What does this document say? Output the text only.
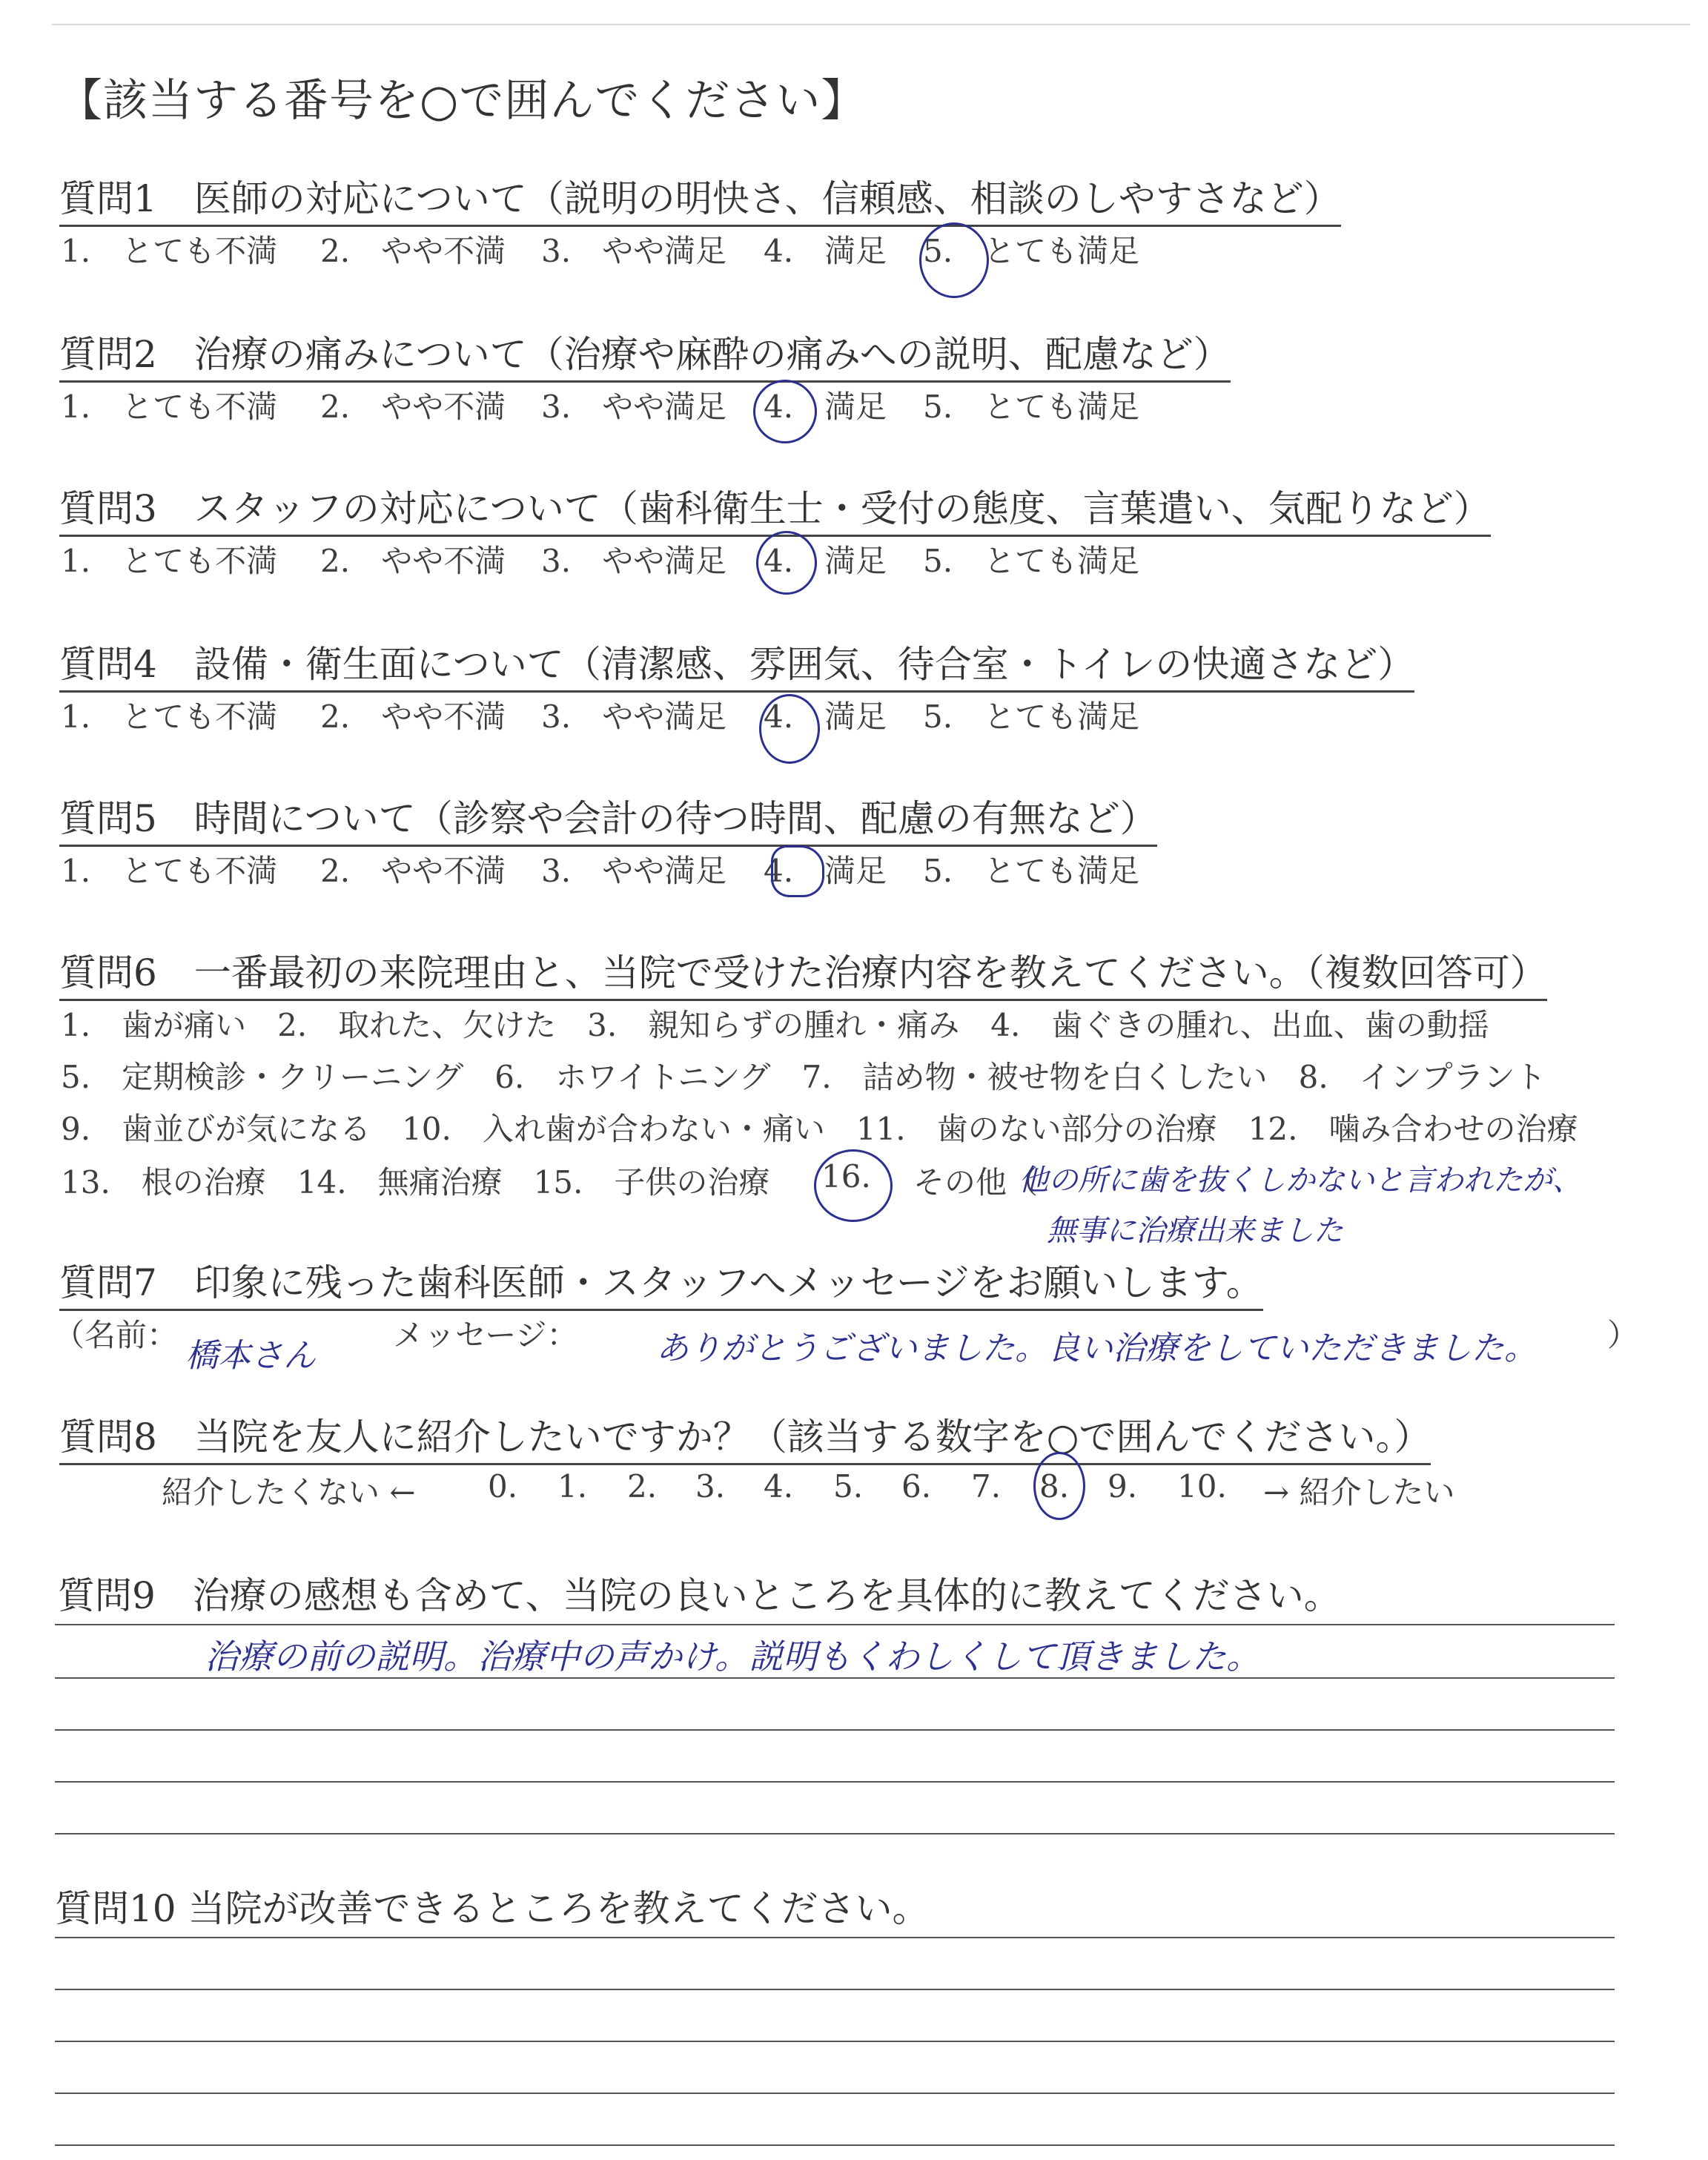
【該当する番号を○で囲んでください】
質問1　医師の対応について（説明の明快さ、信頼感、相談のしやすさなど）
1.　とても不満 2.　やや不満 3.　やや満足 4.　満足 5.　とても満足
質問2　治療の痛みについて（治療や麻酔の痛みへの説明、配慮など）
1.　とても不満 2.　やや不満 3.　やや満足 4.　満足 5.　とても満足
質問3　スタッフの対応について（歯科衛生士・受付の態度、言葉遣い、気配りなど）
1.　とても不満 2.　やや不満 3.　やや満足 4.　満足 5.　とても満足
質問4　設備・衛生面について（清潔感、雰囲気、待合室・トイレの快適さなど）
1.　とても不満 2.　やや不満 3.　やや満足 4.　満足 5.　とても満足
質問5　時間について（診察や会計の待つ時間、配慮の有無など）
1.　とても不満 2.　やや不満 3.　やや満足 4.　満足 5.　とても満足
質問6　一番最初の来院理由と、当院で受けた治療内容を教えてください。（複数回答可）
1.　歯が痛い　2.　取れた、欠けた　3.　親知らずの腫れ・痛み　4.　歯ぐきの腫れ、出血、歯の動揺
5.　定期検診・クリーニング　6.　ホワイトニング　7.　詰め物・被せ物を白くしたい　8.　インプラント
9.　歯並びが気になる　10.　入れ歯が合わない・痛い　11.　歯のない部分の治療　12.　噛み合わせの治療
13.　根の治療　14.　無痛治療　15.　子供の治療 16. その他（
他の所に歯を抜くしかないと言われたが、
無事に治療出来ました
質問7　印象に残った歯科医師・スタッフへメッセージをお願いします。
（名前：
橋本さん
メッセージ： ありがとうございました。良い治療をしていただきました。 ）
質問8　当院を友人に紹介したいですか？（該当する数字を○で囲んでください。）
紹介したくない ← 0. 1. 2. 3. 4. 5. 6. 7. 8. 9. 10. → 紹介したい
質問9　治療の感想も含めて、当院の良いところを具体的に教えてください。
治療の前の説明。治療中の声かけ。説明もくわしくして頂きました。
質問10 当院が改善できるところを教えてください。
